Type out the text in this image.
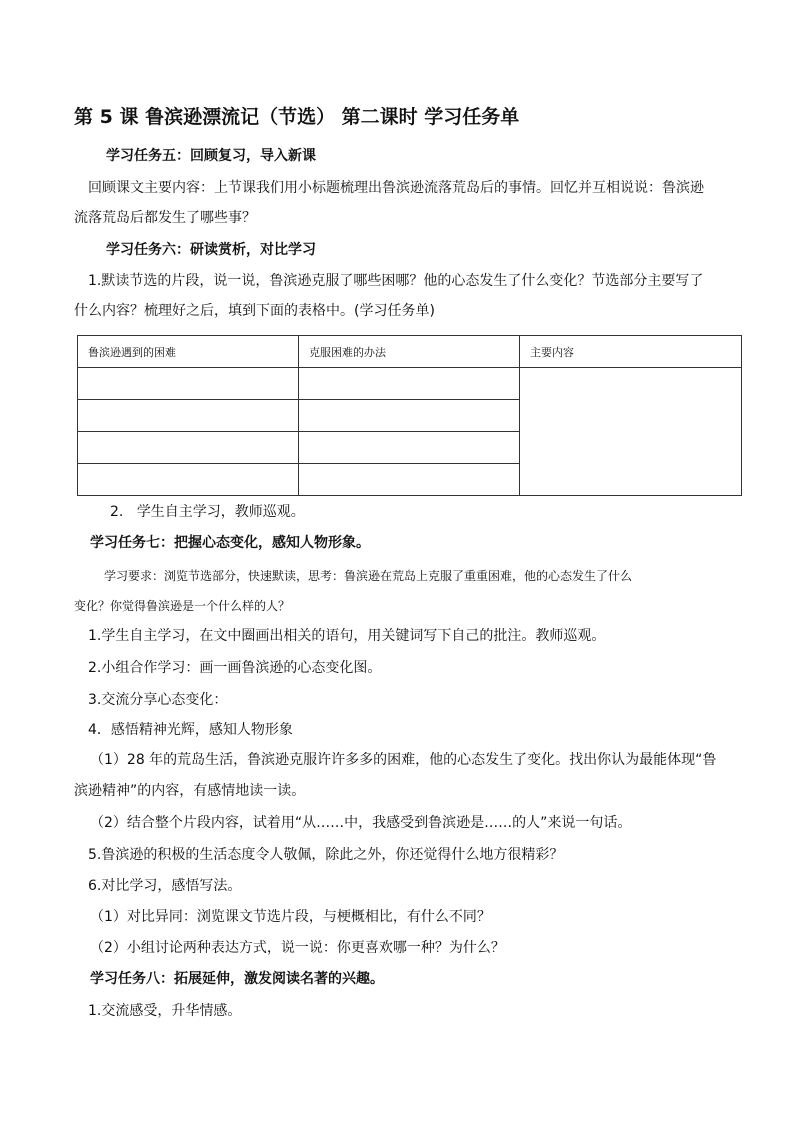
第 5 课 鲁滨逊漂流记（节选） 第二课时 学习任务单
学习任务五：回顾复习，导入新课
回顾课文主要内容：上节课我们用小标题梳理出鲁滨逊流落荒岛后的事情。回忆并互相说说：鲁滨逊
流落荒岛后都发生了哪些事？
学习任务六：研读赏析，对比学习
1.默读节选的片段，说一说，鲁滨逊克服了哪些困哪？他的心态发生了什么变化？节选部分主要写了
什么内容？梳理好之后，填到下面的表格中。(学习任务单)
鲁滨逊遇到的困难	克服困难的办法	主要内容

2.   学生自主学习，教师巡观。
学习任务七：把握心态变化，感知人物形象。
学习要求：浏览节选部分，快速默读，思考：鲁滨逊在荒岛上克服了重重困难，他的心态发生了什么
变化？你觉得鲁滨逊是一个什么样的人？
1.学生自主学习，在文中圈画出相关的语句，用关键词写下自己的批注。教师巡观。
2.小组合作学习：画一画鲁滨逊的心态变化图。
3.交流分享心态变化：
4．感悟精神光辉，感知人物形象
（1）28 年的荒岛生活，鲁滨逊克服许许多多的困难，他的心态发生了变化。找出你认为最能体现“鲁
滨逊精神”的内容，有感情地读一读。
（2）结合整个片段内容，试着用“从……中，我感受到鲁滨逊是……的人”来说一句话。
5.鲁滨逊的积极的生活态度令人敬佩，除此之外，你还觉得什么地方很精彩？
6.对比学习，感悟写法。
（1）对比异同：浏览课文节选片段，与梗概相比，有什么不同？
（2）小组讨论两种表达方式，说一说：你更喜欢哪一种？为什么？
学习任务八：拓展延伸，激发阅读名著的兴趣。
1.交流感受，升华情感。
